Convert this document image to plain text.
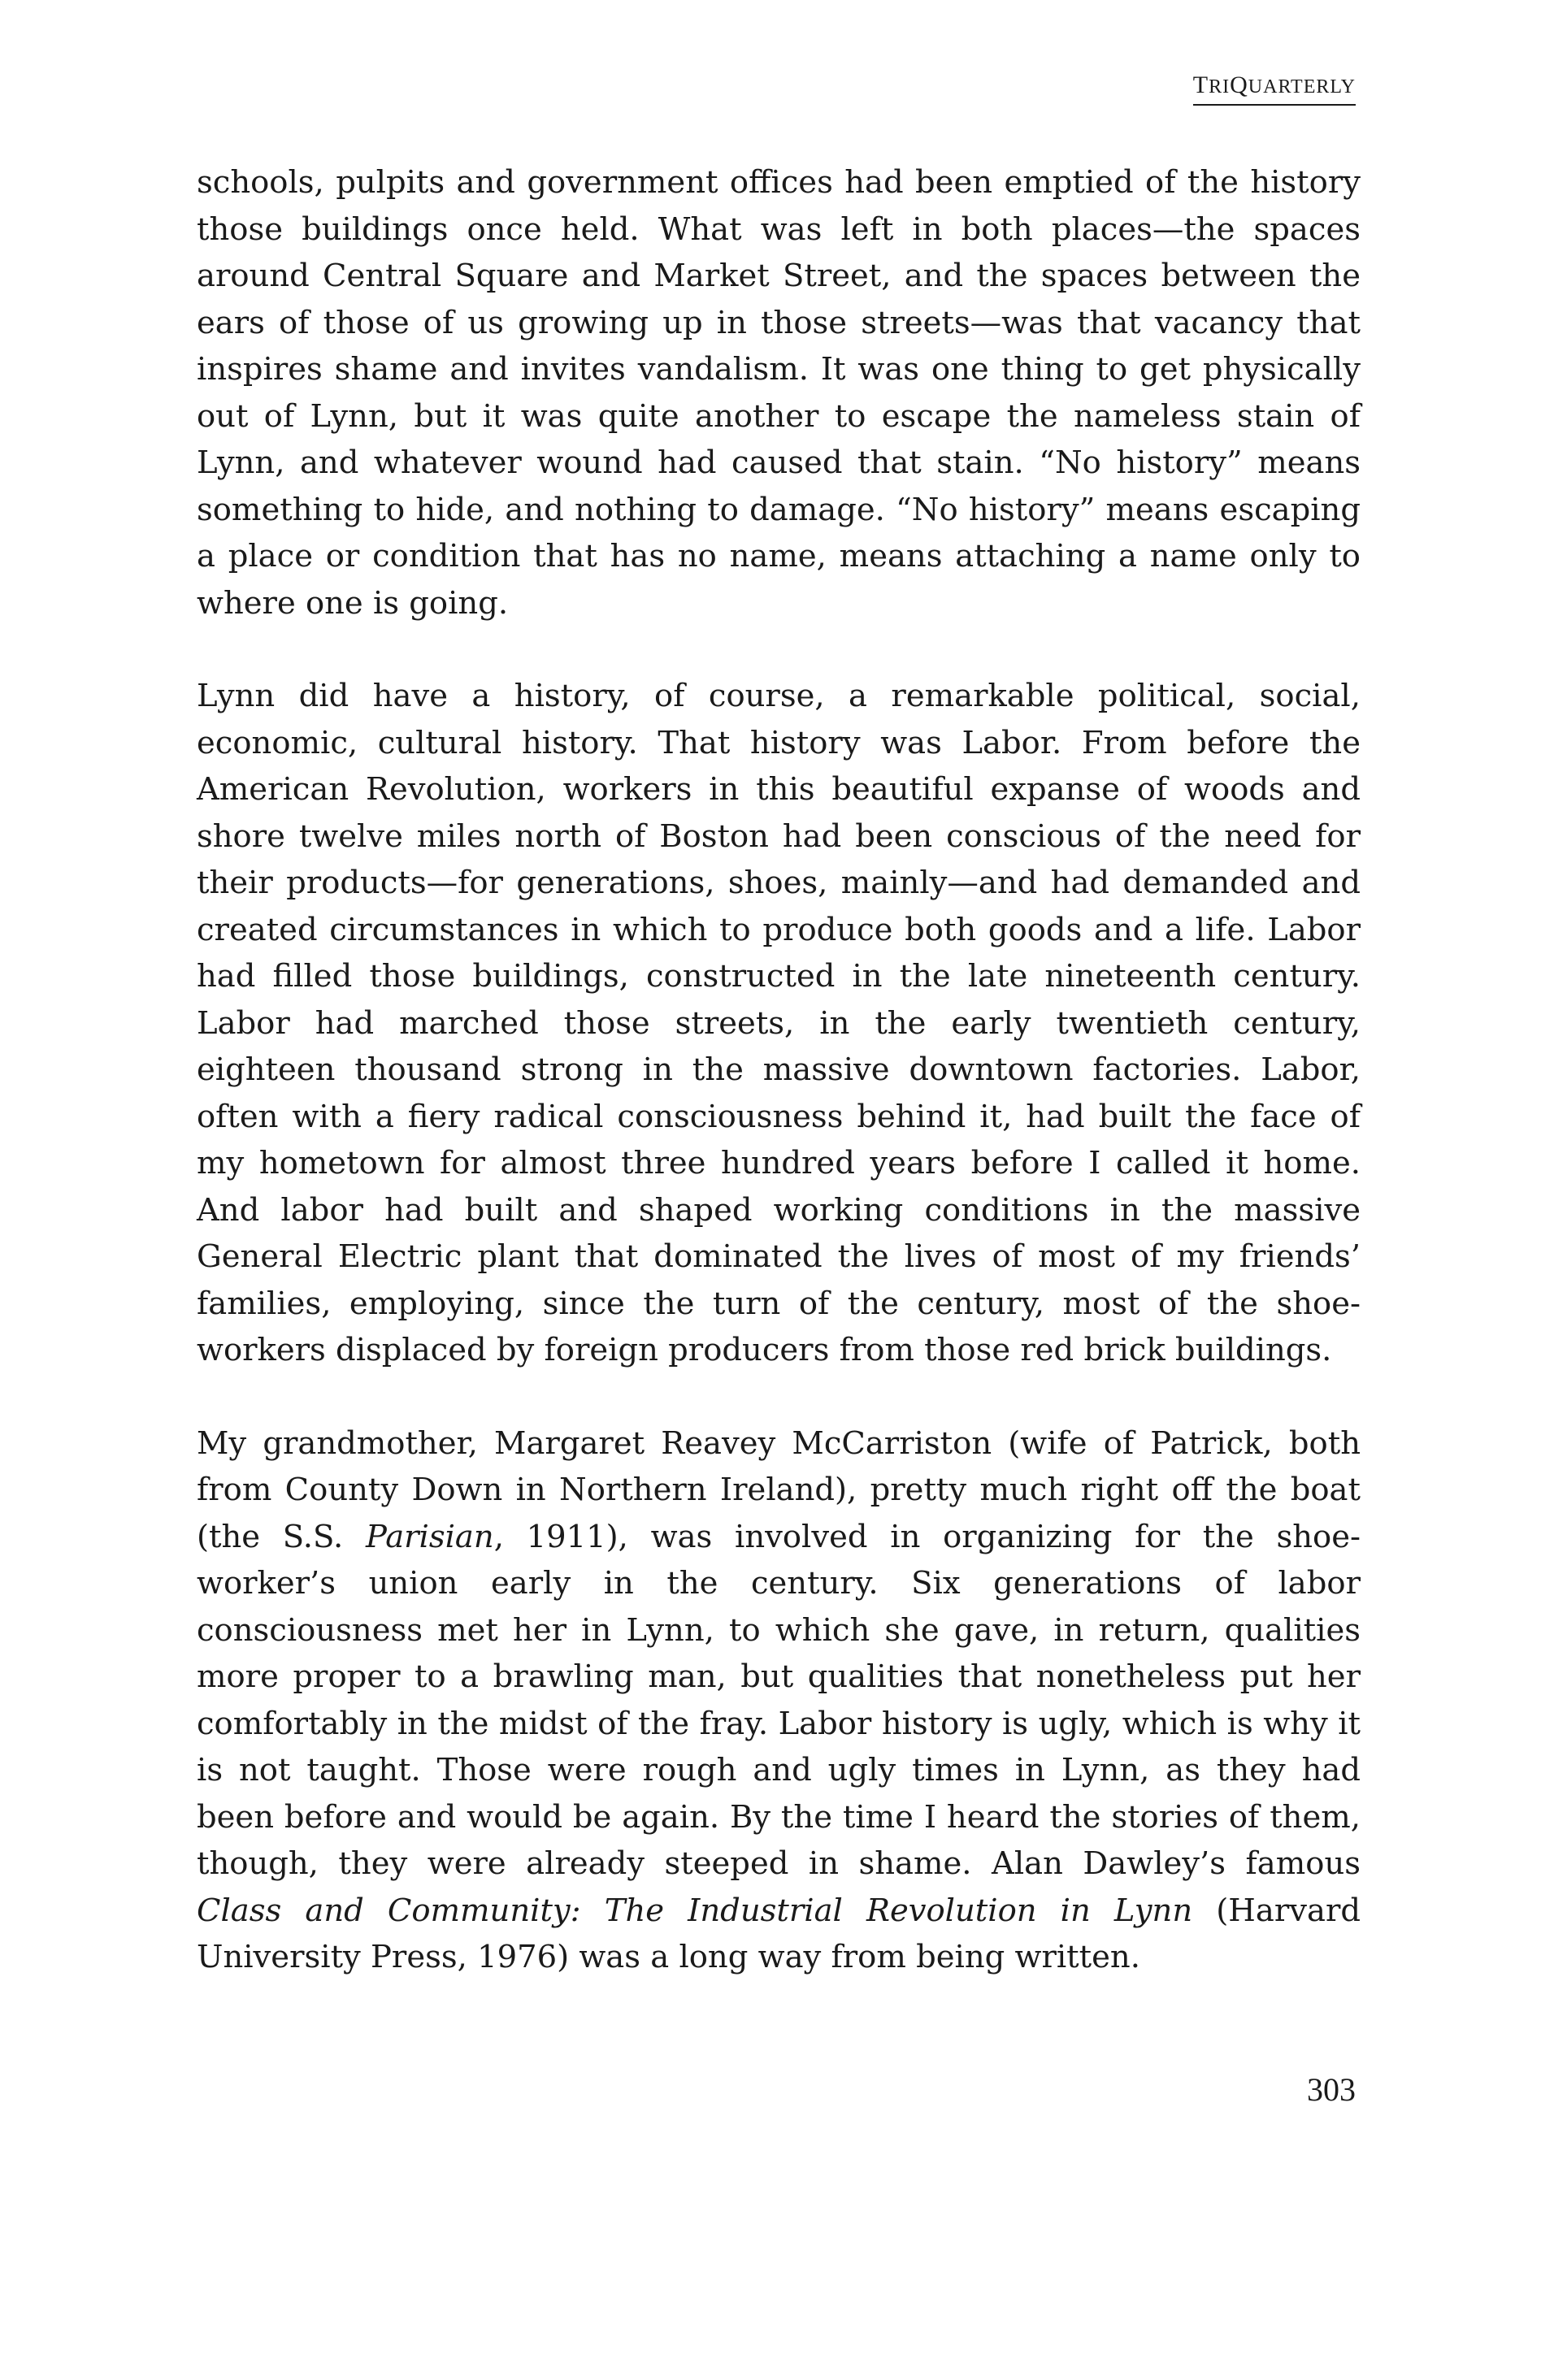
TRIQUARTERLY

schools, pulpits and government offices had been emptied of the history those buildings once held. What was left in both places—the spaces around Central Square and Market Street, and the spaces between the ears of those of us growing up in those streets—was that vacancy that inspires shame and invites vandalism. It was one thing to get physically out of Lynn, but it was quite another to escape the nameless stain of Lynn, and whatever wound had caused that stain. “No history” means something to hide, and nothing to damage. “No history” means escaping a place or condition that has no name, means attaching a name only to where one is going.

Lynn did have a history, of course, a remarkable political, social, economic, cultural history. That history was Labor. From before the American Revolution, workers in this beautiful expanse of woods and shore twelve miles north of Boston had been conscious of the need for their products—for generations, shoes, mainly—and had demanded and created circumstances in which to produce both goods and a life. Labor had filled those buildings, constructed in the late nineteenth century. Labor had marched those streets, in the early twentieth century, eighteen thousand strong in the massive downtown factories. Labor, often with a fiery radical consciousness behind it, had built the face of my hometown for almost three hundred years before I called it home. And labor had built and shaped working conditions in the massive General Electric plant that dominated the lives of most of my friends’ families, employing, since the turn of the century, most of the shoe-workers displaced by foreign producers from those red brick buildings.

My grandmother, Margaret Reavey McCarriston (wife of Patrick, both from County Down in Northern Ireland), pretty much right off the boat (the S.S. Parisian, 1911), was involved in organizing for the shoe-worker’s union early in the century. Six generations of labor consciousness met her in Lynn, to which she gave, in return, qualities more proper to a brawling man, but qualities that nonetheless put her comfortably in the midst of the fray. Labor history is ugly, which is why it is not taught. Those were rough and ugly times in Lynn, as they had been before and would be again. By the time I heard the stories of them, though, they were already steeped in shame. Alan Dawley’s famous Class and Community: The Industrial Revolution in Lynn (Harvard University Press, 1976) was a long way from being written.

303
